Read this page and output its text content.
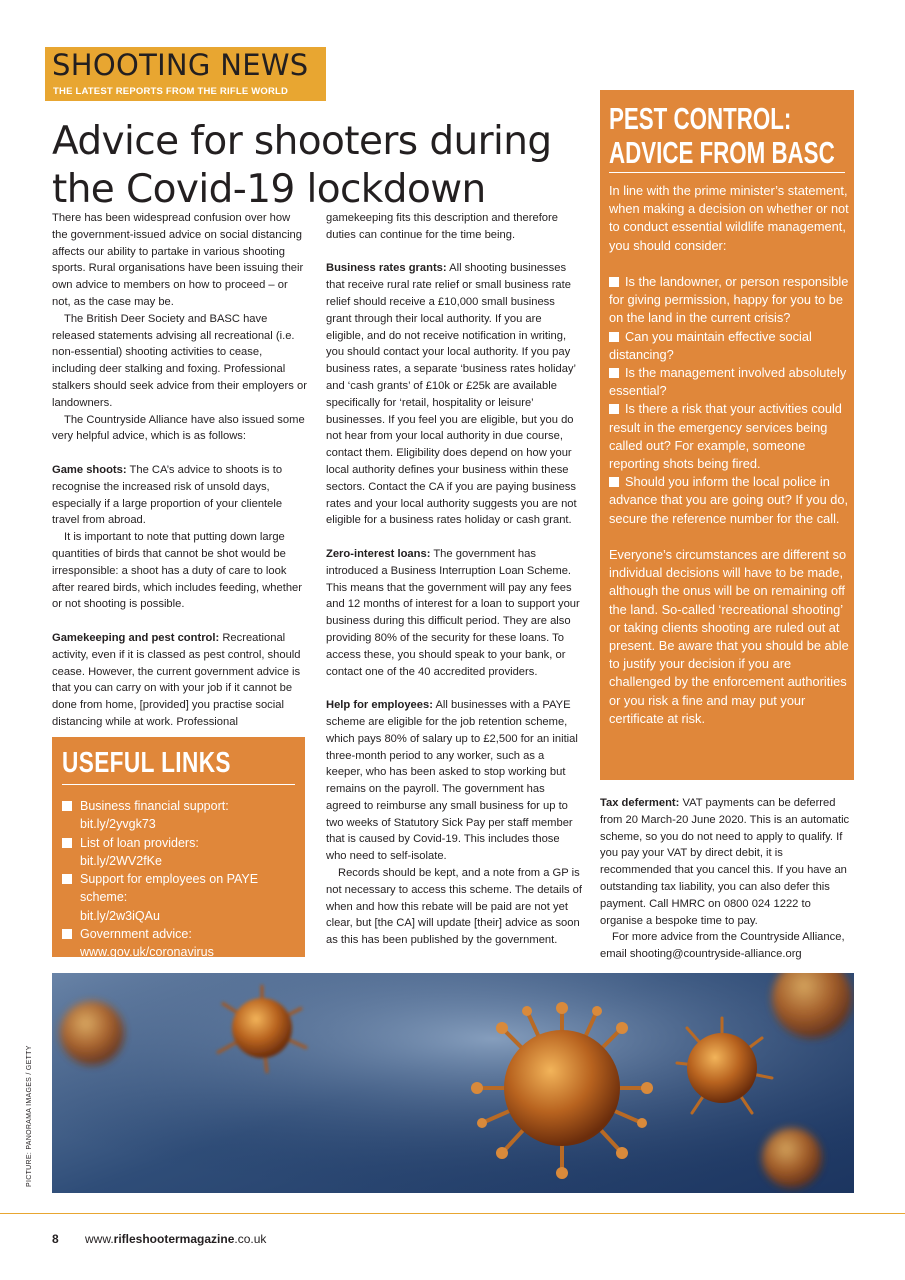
SHOOTING NEWS
THE LATEST REPORTS FROM THE RIFLE WORLD
Advice for shooters during the Covid-19 lockdown

There has been widespread confusion over how the government-issued advice on social distancing affects our ability to partake in various shooting sports. Rural organisations have been issuing their own advice to members on how to proceed – or not, as the case may be.

The British Deer Society and BASC have released statements advising all recreational (i.e. non-essential) shooting activities to cease, including deer stalking and foxing. Professional stalkers should seek advice from their employers or landowners.

The Countryside Alliance have also issued some very helpful advice, which is as follows:

Game shoots: The CA’s advice to shoots is to recognise the increased risk of unsold days, especially if a large proportion of your clientele travel from abroad.

It is important to note that putting down large quantities of birds that cannot be shot would be irresponsible: a shoot has a duty of care to look after reared birds, which includes feeding, whether or not shooting is possible.

Gamekeeping and pest control: Recreational activity, even if it is classed as pest control, should cease. However, the current government advice is that you can carry on with your job if it cannot be done from home, [provided] you practise social distancing while at work. Professional

USEFUL LINKS
Business financial support:
bit.ly/2yvgk73
List of loan providers:
bit.ly/2WV2fKe
Support for employees on PAYE scheme:
bit.ly/2w3iQAu
Government advice:
www.gov.uk/coronavirus

gamekeeping fits this description and therefore duties can continue for the time being.

Business rates grants: All shooting businesses that receive rural rate relief or small business rate relief should receive a £10,000 small business grant through their local authority. If you are eligible, and do not receive notification in writing, you should contact your local authority. If you pay business rates, a separate ‘business rates holiday’ and ‘cash grants’ of £10k or £25k are available specifically for ‘retail, hospitality or leisure’ businesses. If you feel you are eligible, but you do not hear from your local authority in due course, contact them. Eligibility does depend on how your local authority defines your business within these sectors. Contact the CA if you are paying business rates and your local authority suggests you are not eligible for a business rates holiday or cash grant.

Zero-interest loans: The government has introduced a Business Interruption Loan Scheme. This means that the government will pay any fees and 12 months of interest for a loan to support your business during this difficult period. They are also providing 80% of the security for these loans. To access these, you should speak to your bank, or contact one of the 40 accredited providers.

Help for employees: All businesses with a PAYE scheme are eligible for the job retention scheme, which pays 80% of salary up to £2,500 for an initial three-month period to any worker, such as a keeper, who has been asked to stop working but remains on the payroll. The government has agreed to reimburse any small business for up to two weeks of Statutory Sick Pay per staff member that is caused by Covid-19. This includes those who need to self-isolate.

Records should be kept, and a note from a GP is not necessary to access this scheme. The details of when and how this rebate will be paid are not yet clear, but [the CA] will update [their] advice as soon as this has been published by the government.

PEST CONTROL:
ADVICE FROM BASC

In line with the prime minister’s statement, when making a decision on whether or not to conduct essential wildlife management, you should consider:

Is the landowner, or person responsible for giving permission, happy for you to be on the land in the current crisis?

Can you maintain effective social distancing?

Is the management involved absolutely essential?

Is there a risk that your activities could result in the emergency services being called out? For example, someone reporting shots being fired.

Should you inform the local police in advance that you are going out? If you do, secure the reference number for the call.

Everyone’s circumstances are different so individual decisions will have to be made, although the onus will be on remaining off the land. So-called ‘recreational shooting’ or taking clients shooting are ruled out at present. Be aware that you should be able to justify your decision if you are challenged by the enforcement authorities or you risk a fine and may put your certificate at risk.

Tax deferment: VAT payments can be deferred from 20 March-20 June 2020. This is an automatic scheme, so you do not need to apply to qualify. If you pay your VAT by direct debit, it is recommended that you cancel this. If you have an outstanding tax liability, you can also defer this payment. Call HMRC on 0800 024 1222 to organise a bespoke time to pay.

For more advice from the Countryside Alliance, email shooting@countryside-alliance.org

PICTURE: PANORAMA IMAGES / GETTY
8 www.rifleshootermagazine.co.uk
